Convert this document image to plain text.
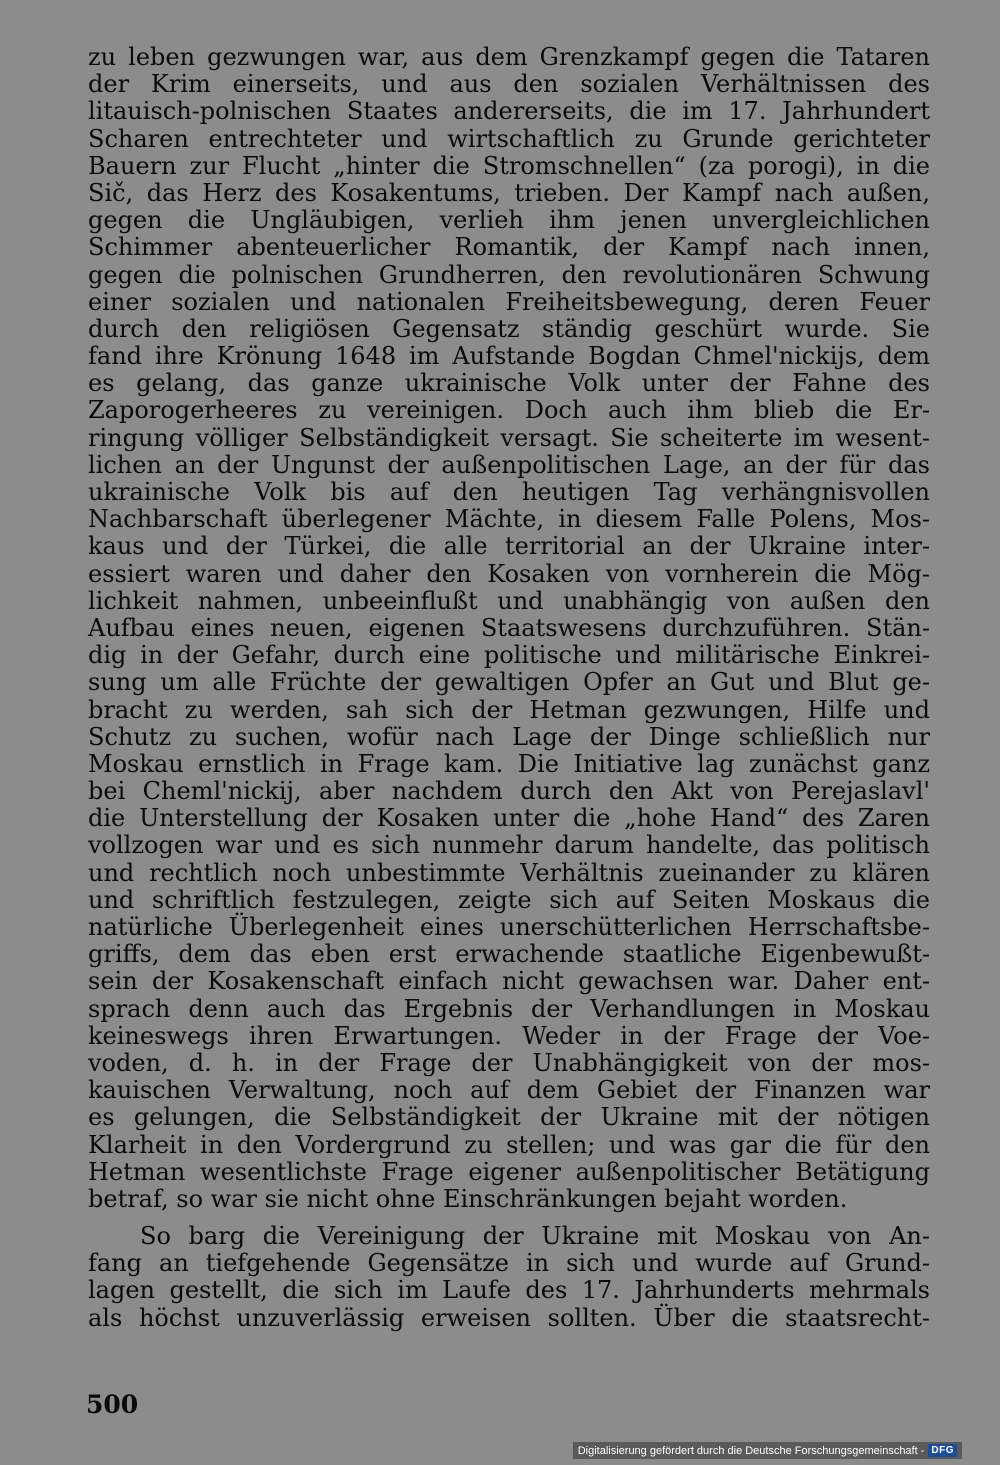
zu leben gezwungen war, aus dem Grenzkampf gegen die Tataren
der Krim einerseits, und aus den sozialen Verhältnissen des
litauisch-polnischen Staates andererseits, die im 17. Jahrhundert
Scharen entrechteter und wirtschaftlich zu Grunde gerichteter
Bauern zur Flucht „hinter die Stromschnellen“ (za porogi), in die
Sič, das Herz des Kosakentums, trieben. Der Kampf nach außen,
gegen die Ungläubigen, verlieh ihm jenen unvergleichlichen
Schimmer abenteuerlicher Romantik, der Kampf nach innen,
gegen die polnischen Grundherren, den revolutionären Schwung
einer sozialen und nationalen Freiheitsbewegung, deren Feuer
durch den religiösen Gegensatz ständig geschürt wurde. Sie
fand ihre Krönung 1648 im Aufstande Bogdan Chmel'nickijs, dem
es gelang, das ganze ukrainische Volk unter der Fahne des
Zaporogerheeres zu vereinigen. Doch auch ihm blieb die Er-
ringung völliger Selbständigkeit versagt. Sie scheiterte im wesent-
lichen an der Ungunst der außenpolitischen Lage, an der für das
ukrainische Volk bis auf den heutigen Tag verhängnisvollen
Nachbarschaft überlegener Mächte, in diesem Falle Polens, Mos-
kaus und der Türkei, die alle territorial an der Ukraine inter-
essiert waren und daher den Kosaken von vornherein die Mög-
lichkeit nahmen, unbeeinflußt und unabhängig von außen den
Aufbau eines neuen, eigenen Staatswesens durchzuführen. Stän-
dig in der Gefahr, durch eine politische und militärische Einkrei-
sung um alle Früchte der gewaltigen Opfer an Gut und Blut ge-
bracht zu werden, sah sich der Hetman gezwungen, Hilfe und
Schutz zu suchen, wofür nach Lage der Dinge schließlich nur
Moskau ernstlich in Frage kam. Die Initiative lag zunächst ganz
bei Cheml'nickij, aber nachdem durch den Akt von Perejaslavl'
die Unterstellung der Kosaken unter die „hohe Hand“ des Zaren
vollzogen war und es sich nunmehr darum handelte, das politisch
und rechtlich noch unbestimmte Verhältnis zueinander zu klären
und schriftlich festzulegen, zeigte sich auf Seiten Moskaus die
natürliche Überlegenheit eines unerschütterlichen Herrschaftsbe-
griffs, dem das eben erst erwachende staatliche Eigenbewußt-
sein der Kosakenschaft einfach nicht gewachsen war. Daher ent-
sprach denn auch das Ergebnis der Verhandlungen in Moskau
keineswegs ihren Erwartungen. Weder in der Frage der Voe-
voden, d. h. in der Frage der Unabhängigkeit von der mos-
kauischen Verwaltung, noch auf dem Gebiet der Finanzen war
es gelungen, die Selbständigkeit der Ukraine mit der nötigen
Klarheit in den Vordergrund zu stellen; und was gar die für den
Hetman wesentlichste Frage eigener außenpolitischer Betätigung
betraf, so war sie nicht ohne Einschränkungen bejaht worden.
So barg die Vereinigung der Ukraine mit Moskau von An-
fang an tiefgehende Gegensätze in sich und wurde auf Grund-
lagen gestellt, die sich im Laufe des 17. Jahrhunderts mehrmals
als höchst unzuverlässig erweisen sollten. Über die staatsrecht-
500
Digitalisierung gefördert durch die Deutsche Forschungsgemeinschaft - DFG
